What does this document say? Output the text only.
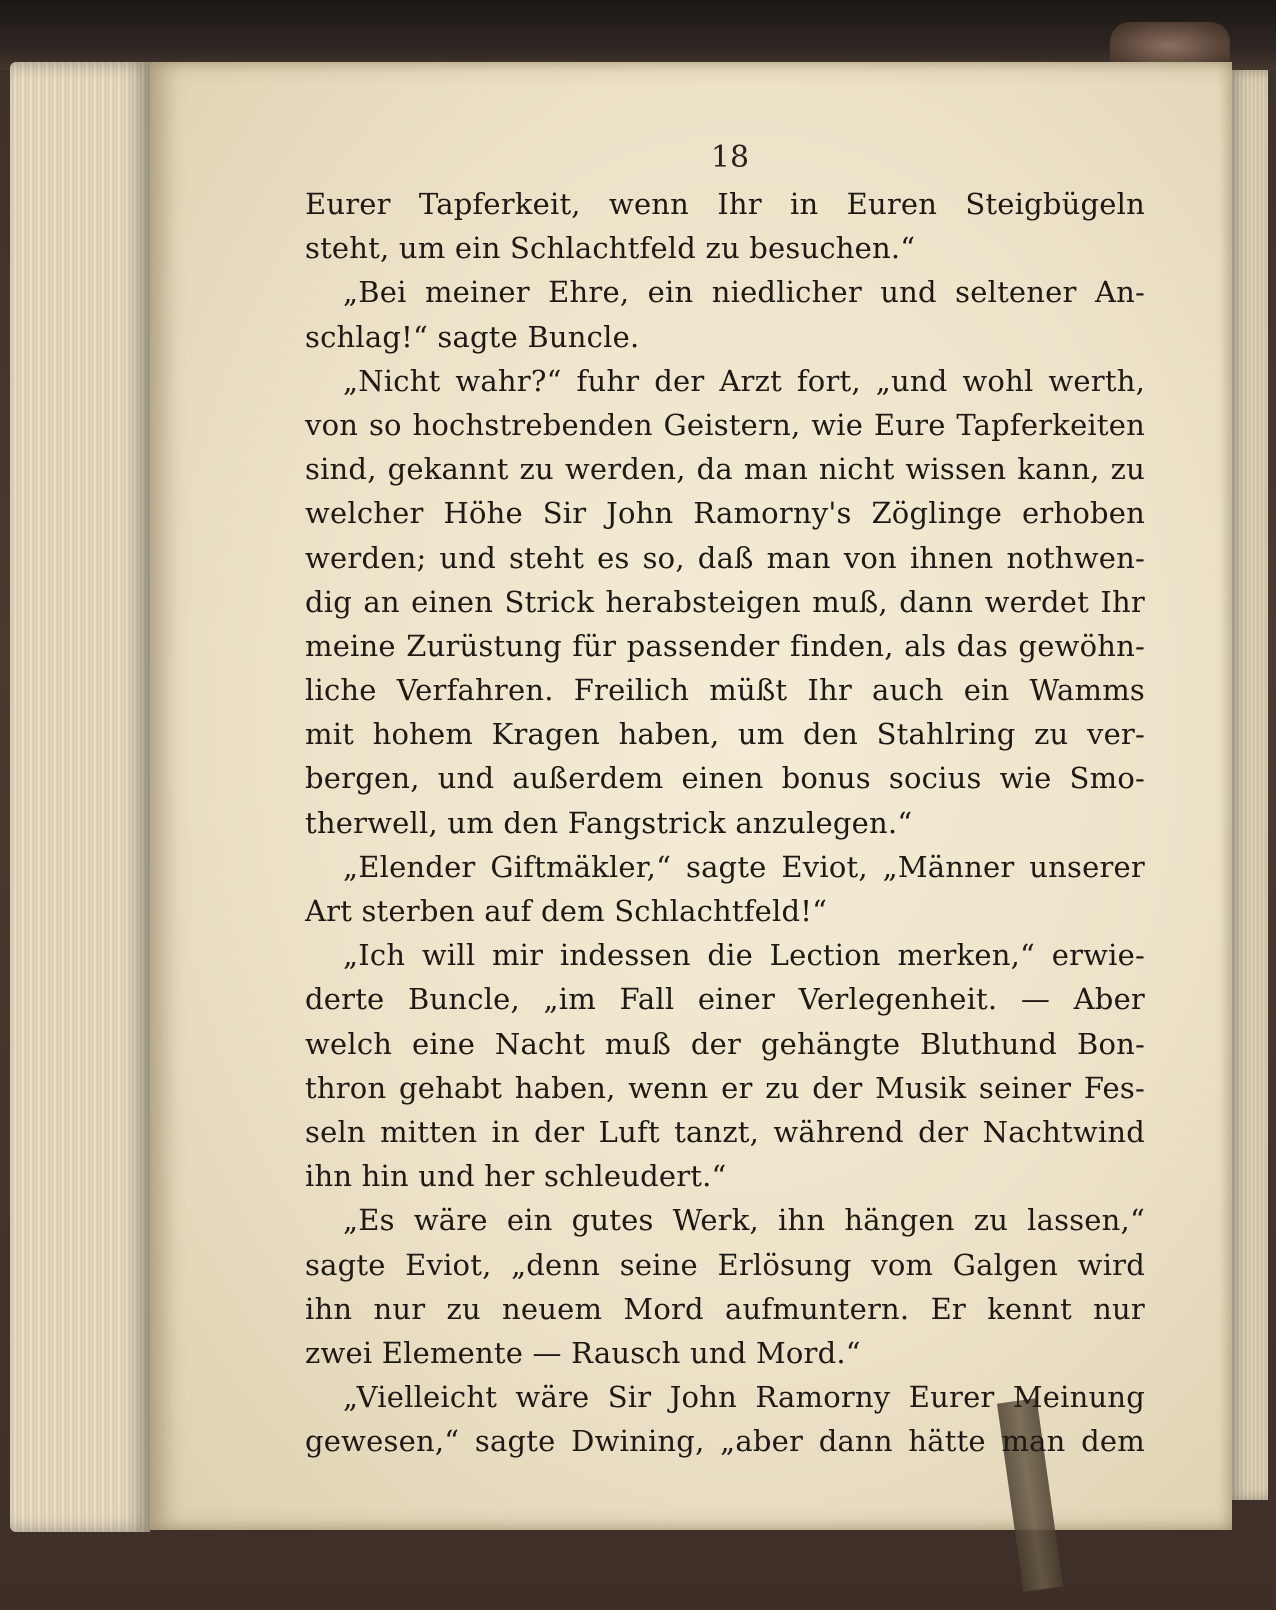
18
Eurer Tapferkeit, wenn Ihr in Euren Steigbügeln
steht, um ein Schlachtfeld zu besuchen.“
„Bei meiner Ehre, ein niedlicher und seltener An-
schlag!“ sagte Buncle.
„Nicht wahr?“ fuhr der Arzt fort, „und wohl werth,
von so hochstrebenden Geistern, wie Eure Tapferkeiten
sind, gekannt zu werden, da man nicht wissen kann, zu
welcher Höhe Sir John Ramorny's Zöglinge erhoben
werden; und steht es so, daß man von ihnen nothwen-
dig an einen Strick herabsteigen muß, dann werdet Ihr
meine Zurüstung für passender finden, als das gewöhn-
liche Verfahren. Freilich müßt Ihr auch ein Wamms
mit hohem Kragen haben, um den Stahlring zu ver-
bergen, und außerdem einen bonus socius wie Smo-
therwell, um den Fangstrick anzulegen.“
„Elender Giftmäkler,“ sagte Eviot, „Männer unserer
Art sterben auf dem Schlachtfeld!“
„Ich will mir indessen die Lection merken,“ erwie-
derte Buncle, „im Fall einer Verlegenheit. — Aber
welch eine Nacht muß der gehängte Bluthund Bon-
thron gehabt haben, wenn er zu der Musik seiner Fes-
seln mitten in der Luft tanzt, während der Nachtwind
ihn hin und her schleudert.“
„Es wäre ein gutes Werk, ihn hängen zu lassen,“
sagte Eviot, „denn seine Erlösung vom Galgen wird
ihn nur zu neuem Mord aufmuntern. Er kennt nur
zwei Elemente — Rausch und Mord.“
„Vielleicht wäre Sir John Ramorny Eurer Meinung
gewesen,“ sagte Dwining, „aber dann hätte man dem
